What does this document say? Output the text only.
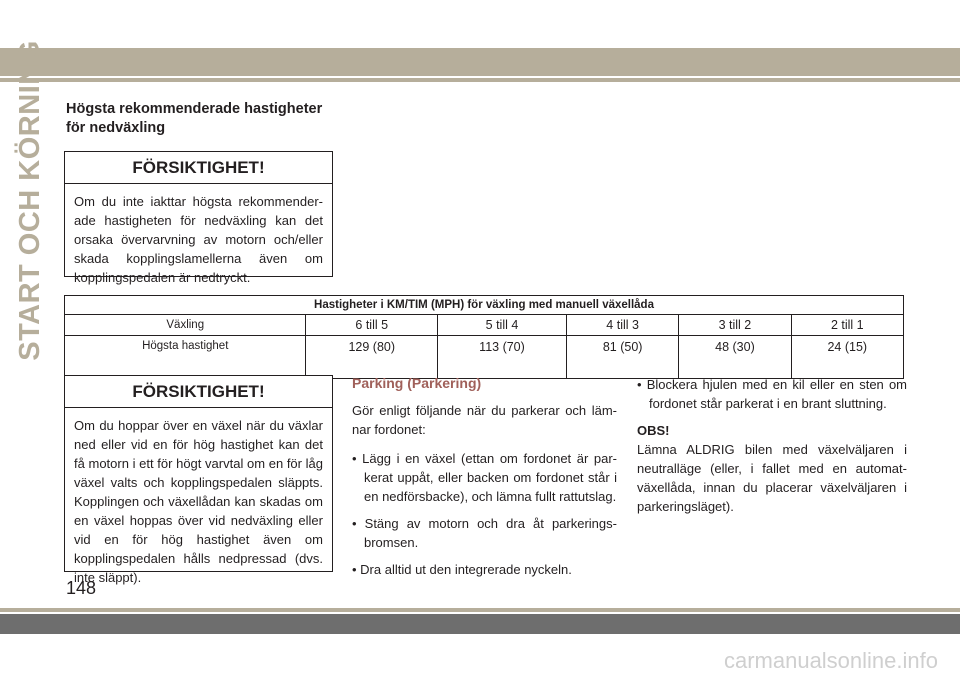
START OCH KÖRNING Högsta rekommenderade hastigheter för nedväxling
FÖRSIKTIGHET!
Om du inte iakttar högsta rekommenderade hastigheten för nedväxling kan det orsaka övervarvning av motorn och/eller skada kopplingslamellerna även om kopplingspedalen är nedtryckt.
Hastigheter i KM/TIM (MPH) för växling med manuell växellåda					
Växling	6 till 5	5 till 4	4 till 3	3 till 2	2 till 1
Högsta hastighet	129 (80)	113 (70)	81 (50)	48 (30)	24 (15)
FÖRSIKTIGHET!
Om du hoppar över en växel när du växlar ned eller vid en för hög hastighet kan det få motorn i ett för högt varvtal om en för låg växel valts och kopplingspedalen släppts. Kopplingen och växellådan kan skadas om en växel hoppas över vid nedväxling eller vid en för hög hastighet även om kopplingspedalen hålls nedpressad (dvs. inte släppt).
Parking (Parkering)

Gör enligt följande när du parkerar och lämnar fordonet:

• Lägg i en växel (ettan om fordonet är parkerat uppåt, eller backen om fordonet står i en nedförsbacke), och lämna fullt rattutslag.

• Stäng av motorn och dra åt parkeringsbromsen.

• Dra alltid ut den integrerade nyckeln.

• Blockera hjulen med en kil eller en sten om fordonet står parkerat i en brant sluttning.

OBS!

Lämna ALDRIG bilen med växelväljaren i neutralläge (eller, i fallet med en automatväxellåda, innan du placerar växelväljaren i parkeringsläget).

148
carmanualsonline.info
